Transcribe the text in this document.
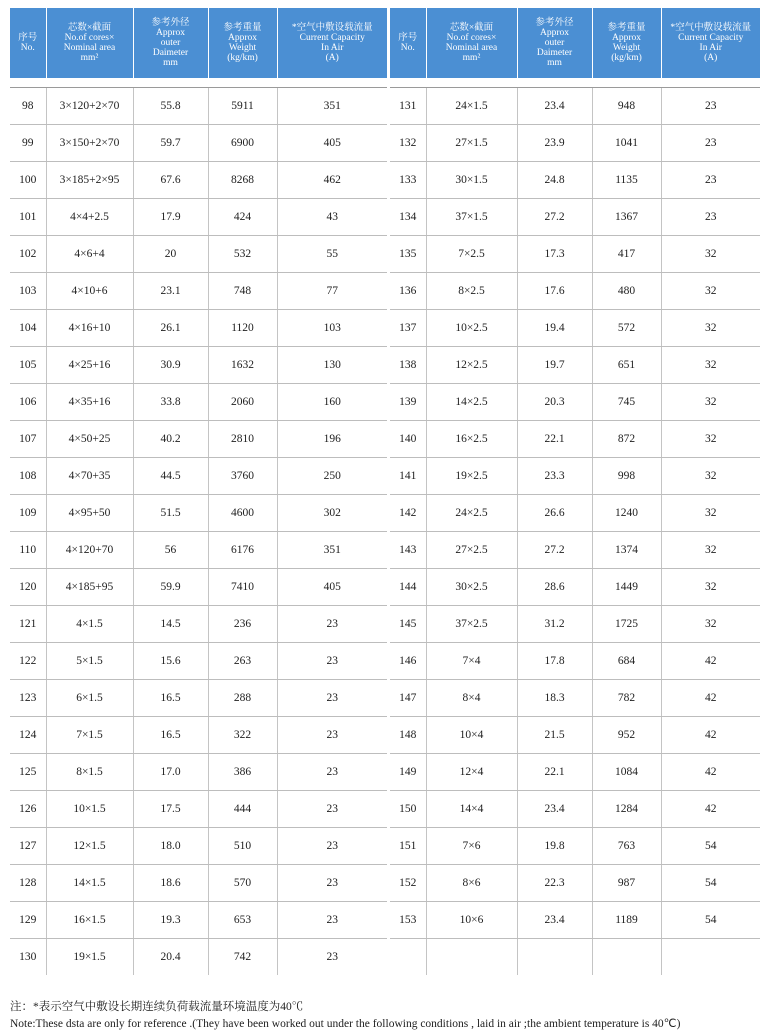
序号
No.	芯数×截面
No.of cores×
Nominal area
mm²	参考外径
Approx
outer
Daimeter
mm	参考重量
Approx
Weight
(kg/km)	*空气中敷设载流量
Current Capacity
In Air
(A)

98	3×120+2×70	55.8	5911	351
99	3×150+2×70	59.7	6900	405
100	3×185+2×95	67.6	8268	462
101	4×4+2.5	17.9	424	43
102	4×6+4	20	532	55
103	4×10+6	23.1	748	77
104	4×16+10	26.1	1120	103
105	4×25+16	30.9	1632	130
106	4×35+16	33.8	2060	160
107	4×50+25	40.2	2810	196
108	4×70+35	44.5	3760	250
109	4×95+50	51.5	4600	302
110	4×120+70	56	6176	351
120	4×185+95	59.9	7410	405
121	4×1.5	14.5	236	23
122	5×1.5	15.6	263	23
123	6×1.5	16.5	288	23
124	7×1.5	16.5	322	23
125	8×1.5	17.0	386	23
126	10×1.5	17.5	444	23
127	12×1.5	18.0	510	23
128	14×1.5	18.6	570	23
129	16×1.5	19.3	653	23
130	19×1.5	20.4	742	23
序号
No.	芯数×截面
No.of cores×
Nominal area
mm²	参考外径
Approx
outer
Daimeter
mm	参考重量
Approx
Weight
(kg/km)	*空气中敷设载流量
Current Capacity
In Air
(A)

131	24×1.5	23.4	948	23
132	27×1.5	23.9	1041	23
133	30×1.5	24.8	1135	23
134	37×1.5	27.2	1367	23
135	7×2.5	17.3	417	32
136	8×2.5	17.6	480	32
137	10×2.5	19.4	572	32
138	12×2.5	19.7	651	32
139	14×2.5	20.3	745	32
140	16×2.5	22.1	872	32
141	19×2.5	23.3	998	32
142	24×2.5	26.6	1240	32
143	27×2.5	27.2	1374	32
144	30×2.5	28.6	1449	32
145	37×2.5	31.2	1725	32
146	7×4	17.8	684	42
147	8×4	18.3	782	42
148	10×4	21.5	952	42
149	12×4	22.1	1084	42
150	14×4	23.4	1284	42
151	7×6	19.8	763	54
152	8×6	22.3	987	54
153	10×6	23.4	1189	54

注：*表示空气中敷设长期连续负荷载流量环境温度为40℃
Note:These dsta are only for reference .(They have been worked out under the following conditions , laid in air ;the ambient temperature is 40℃)
